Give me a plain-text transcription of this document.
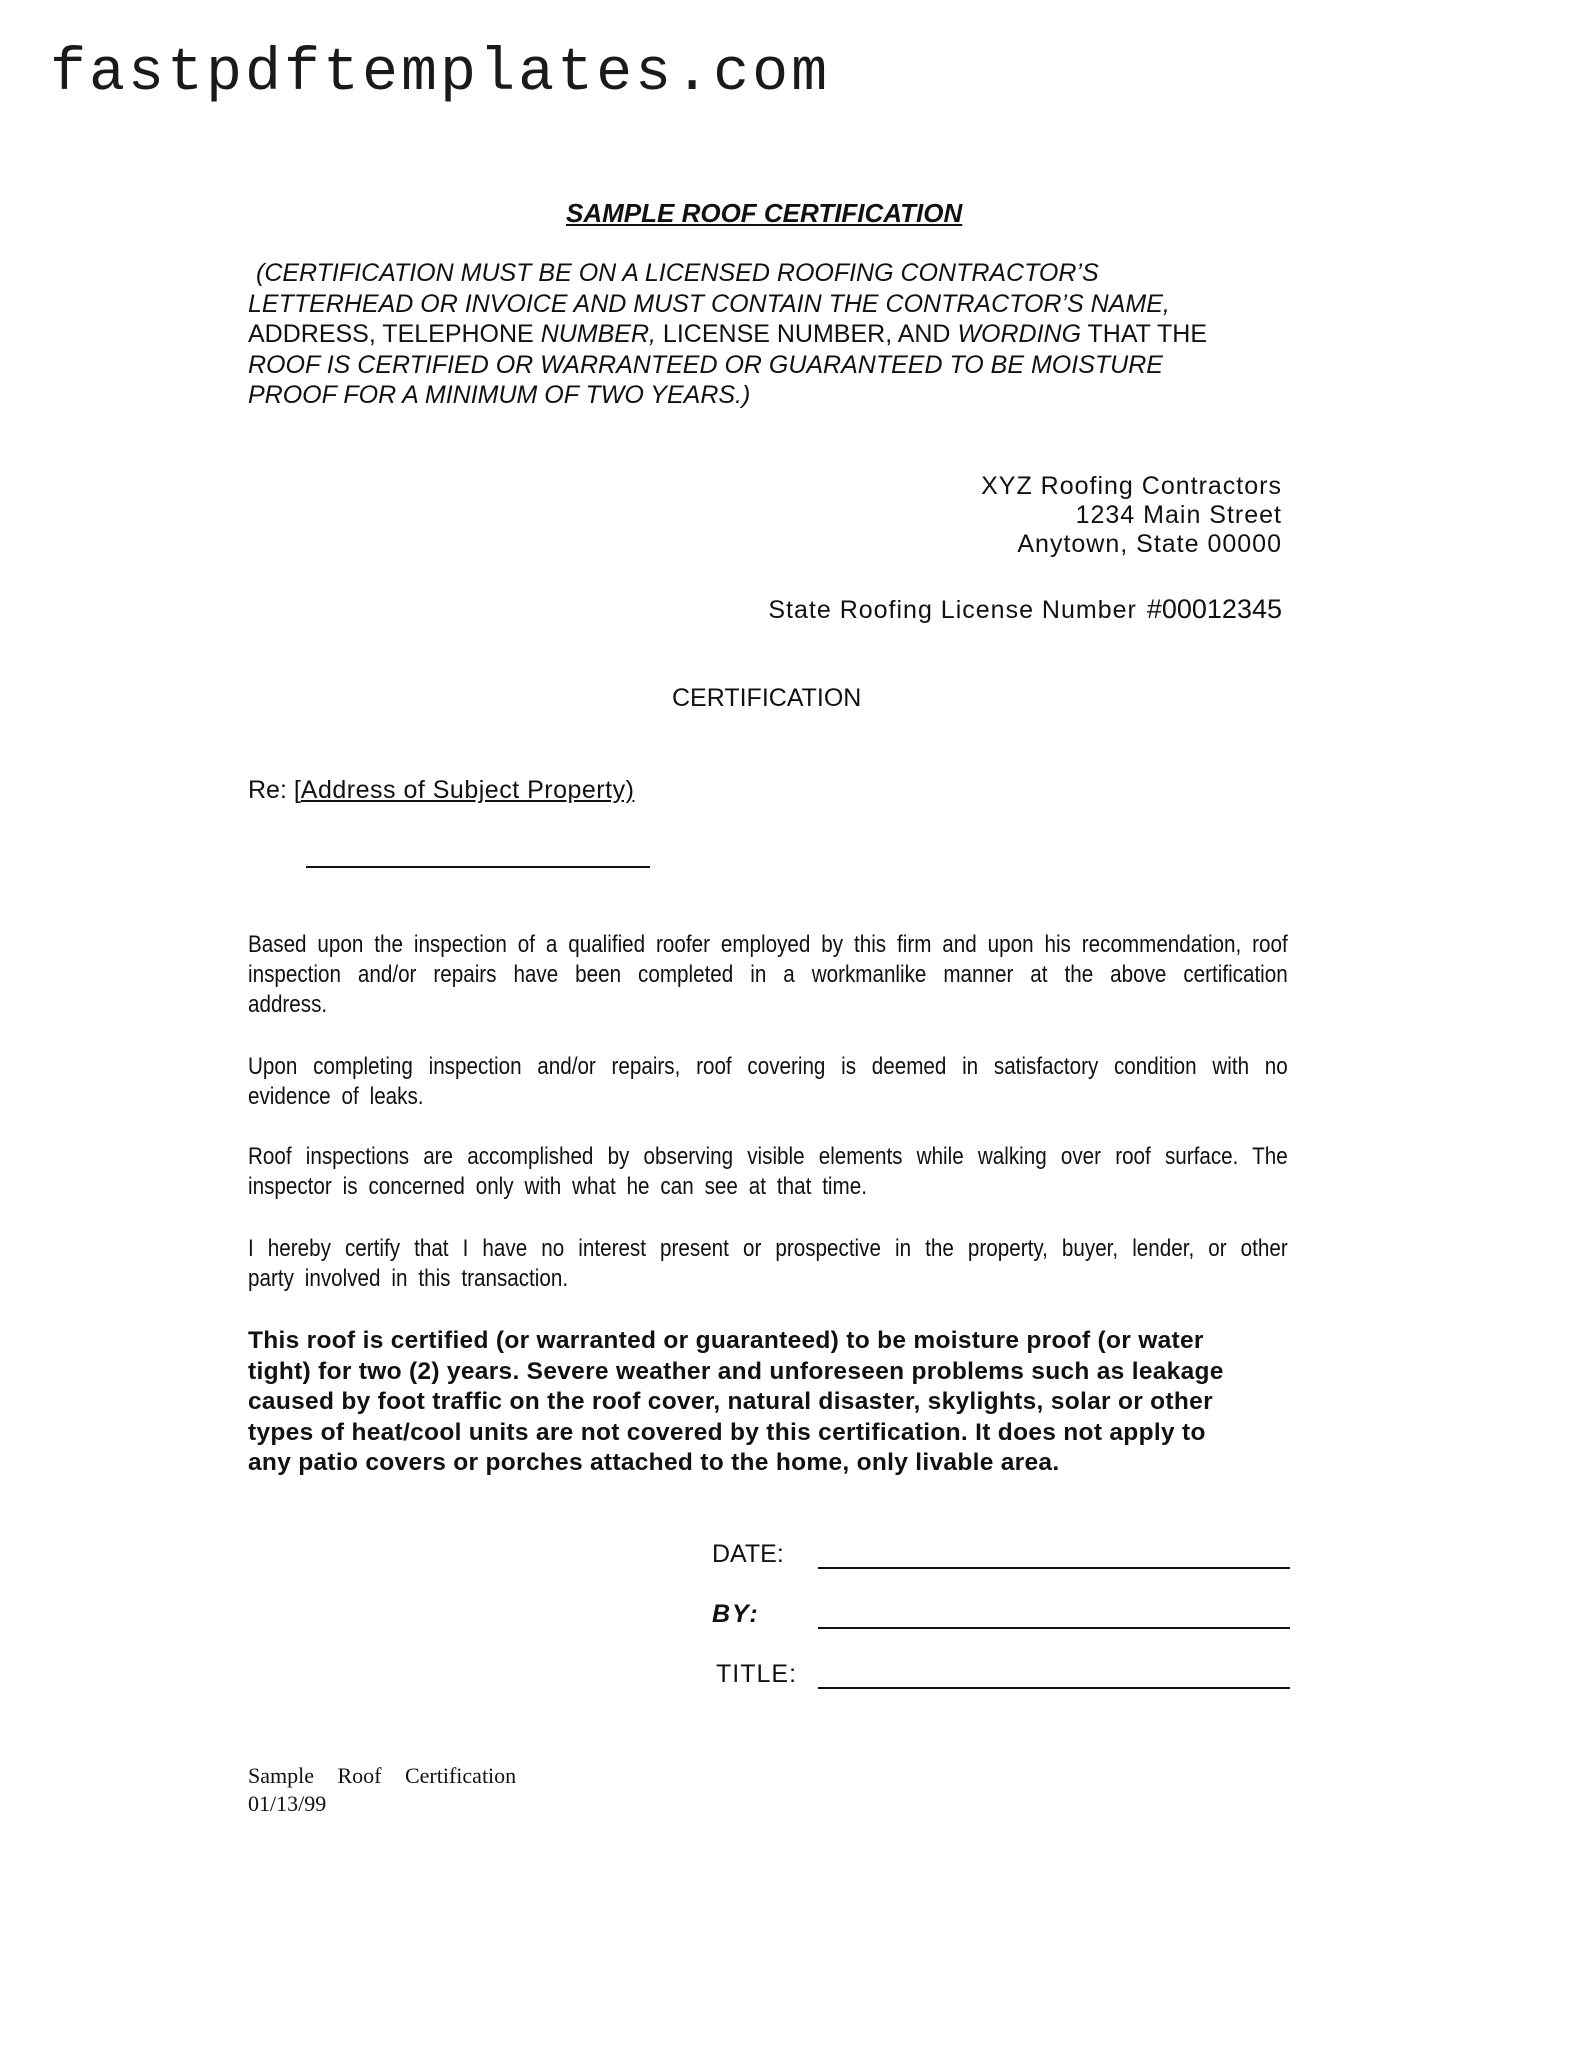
fastpdftemplates.com
SAMPLE ROOF CERTIFICATION
(CERTIFICATION MUST BE ON A LICENSED ROOFING CONTRACTOR’S
LETTERHEAD OR INVOICE AND MUST CONTAIN THE CONTRACTOR’S NAME,
ADDRESS, TELEPHONE NUMBER, LICENSE NUMBER, AND WORDING THAT THE
ROOF IS CERTIFIED OR WARRANTEED OR GUARANTEED TO BE MOISTURE
PROOF FOR A MINIMUM OF TWO YEARS.)
XYZ Roofing Contractors
1234 Main Street
Anytown, State 00000
State Roofing License Number #00012345
CERTIFICATION
Re: [Address of Subject Property)
Based upon the inspection of a qualified roofer employed by this firm and upon his recommendation, roof inspection and/or repairs have been completed in a workmanlike manner at the above certification address.
Upon completing inspection and/or repairs, roof covering is deemed in satisfactory condition with no evidence of leaks.
Roof inspections are accomplished by observing visible elements while walking over roof surface. The inspector is concerned only with what he can see at that time.
I hereby certify that I have no interest present or prospective in the property, buyer, lender, or other party involved in this transaction.
This roof is certified (or warranted or guaranteed) to be moisture proof (or water
tight) for two (2) years. Severe weather and unforeseen problems such as leakage
caused by foot traffic on the roof cover, natural disaster, skylights, solar or other
types of heat/cool units are not covered by this certification. It does not apply to
any patio covers or porches attached to the home, only livable area.
DATE:
BY:
TITLE:
Sample Roof Certification
01/13/99
